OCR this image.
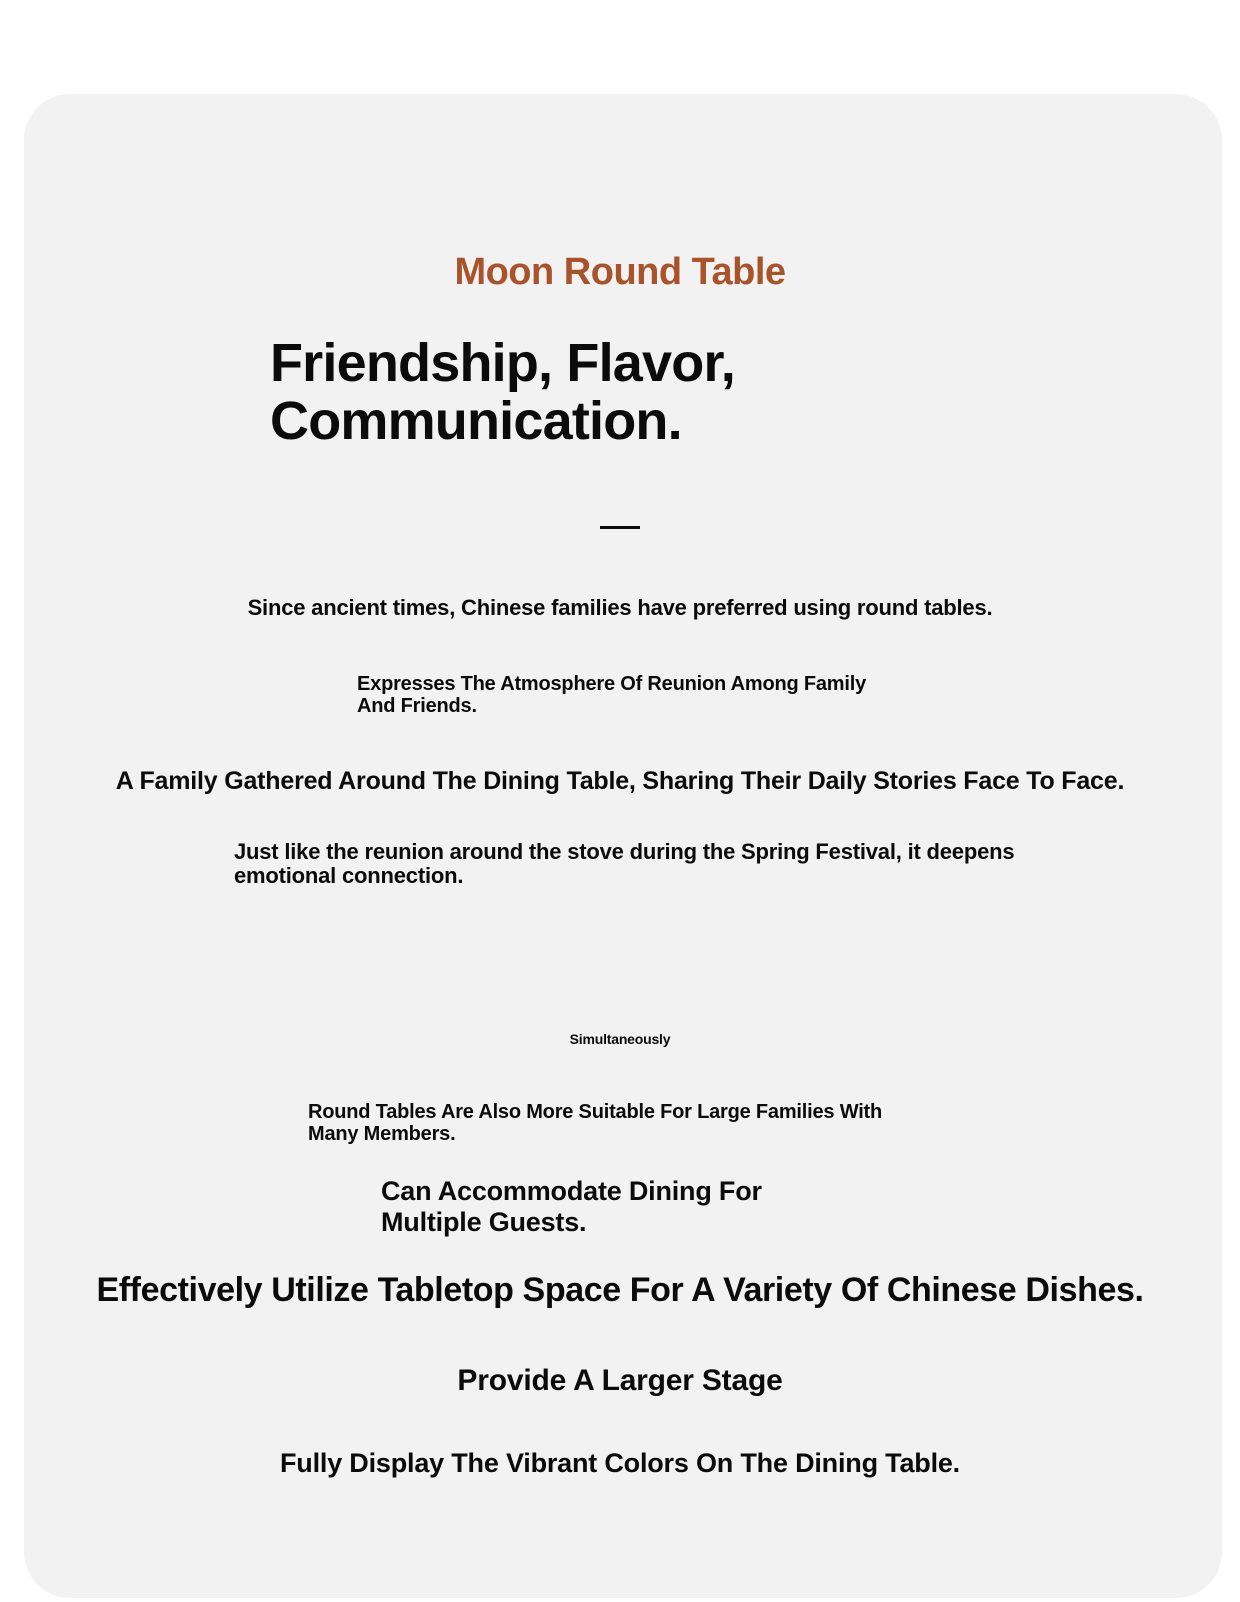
Moon Round Table
Friendship, Flavor, Communication.

Since ancient times, Chinese families have preferred using round tables.

Expresses The Atmosphere Of Reunion Among Family And Friends.

A Family Gathered Around The Dining Table, Sharing Their Daily Stories Face To Face.

Just like the reunion around the stove during the Spring Festival, it deepens emotional connection.

Simultaneously

Round Tables Are Also More Suitable For Large Families With Many Members.

Can Accommodate Dining For Multiple Guests.

Effectively Utilize Tabletop Space For A Variety Of Chinese Dishes.

Provide A Larger Stage

Fully Display The Vibrant Colors On The Dining Table.
